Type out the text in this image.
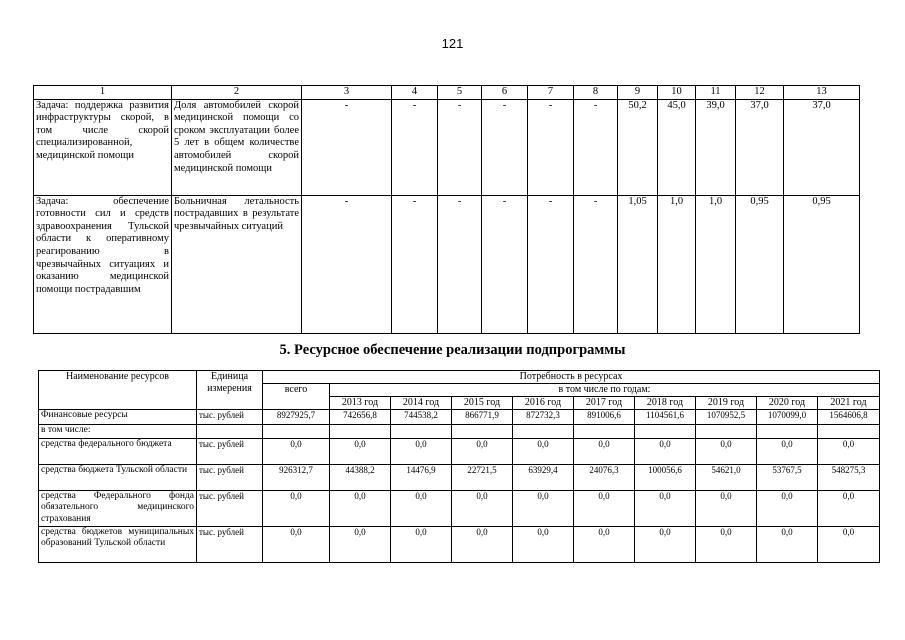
121
1	2	3	4	5	6	7	8	9	10	11	12	13
Задача: поддержка развития инфраструктуры скорой, в том числе скорой специализированной, медицинской помощи	Доля автомобилей скорой медицинской помощи со сроком эксплуатации более 5 лет в общем количестве автомобилей скорой медицинской помощи	-	-	-	-	-	-	50,2	45,0	39,0	37,0	37,0
Задача: обеспечение готовности сил и средств здравоохранения Тульской области к оперативному реагированию в чрезвычайных ситуациях и оказанию медицинской помощи пострадавшим	Больничная летальность пострадавших в результате чрезвычайных ситуаций	-	-	-	-	-	-	1,05	1,0	1,0	0,95	0,95
5. Ресурсное обеспечение реализации подпрограммы
Наименование ресурсов	Единица измерения	Потребность в ресурсах									
		всего	в том числе по годам:								
			2013 год	2014 год	2015 год	2016 год	2017 год	2018 год	2019 год	2020 год	2021 год
Финансовые ресурсы	тыс. рублей	8927925,7	742656,8	744538,2	866771,9	872732,3	891006,6	1104561,6	1070952,5	1070099,0	1564606,8
в том числе:											
средства федерального бюджета	тыс. рублей	0,0	0,0	0,0	0,0	0,0	0,0	0,0	0,0	0,0	0,0
средства бюджета Тульской области	тыс. рублей	926312,7	44388,2	14476,9	22721,5	63929,4	24076,3	100056,6	54621,0	53767,5	548275,3
средства Федерального фонда обязательного медицинского страхования	тыс. рублей	0,0	0,0	0,0	0,0	0,0	0,0	0,0	0,0	0,0	0,0
средства бюджетов муниципальных образований Тульской области	тыс. рублей	0,0	0,0	0,0	0,0	0,0	0,0	0,0	0,0	0,0	0,0
